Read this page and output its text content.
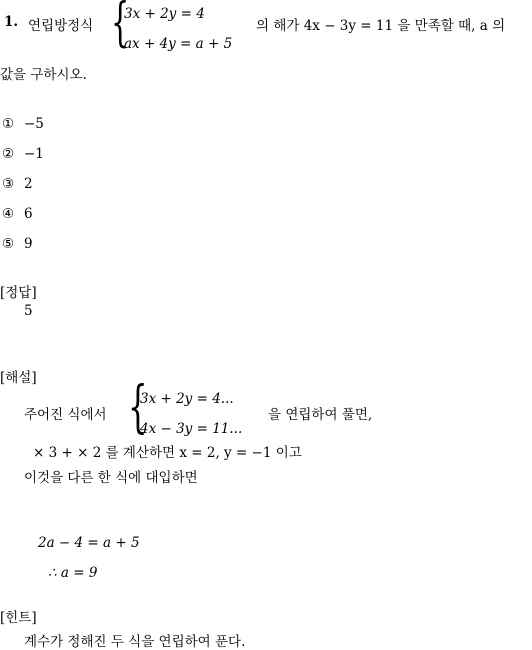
1. 연립방정식 {
3x + 2y = 4
ax + 4y = a + 5
의 해가 4x − 3y = 11 을 만족할 때, a 의
값을 구하시오.
① −5
② −1
③ 2
④ 6
⑤ 9
[정답]
5
[해설]
주어진 식에서 {
3x + 2y = 4...
4x − 3y = 11...
을 연립하여 풀면,
× 3 + × 2 를 계산하면 x = 2, y = −1 이고
이것을 다른 한 식에 대입하면
2a − 4 = a + 5
∴ a = 9
[힌트]
계수가 정해진 두 식을 연립하여 푼다.
